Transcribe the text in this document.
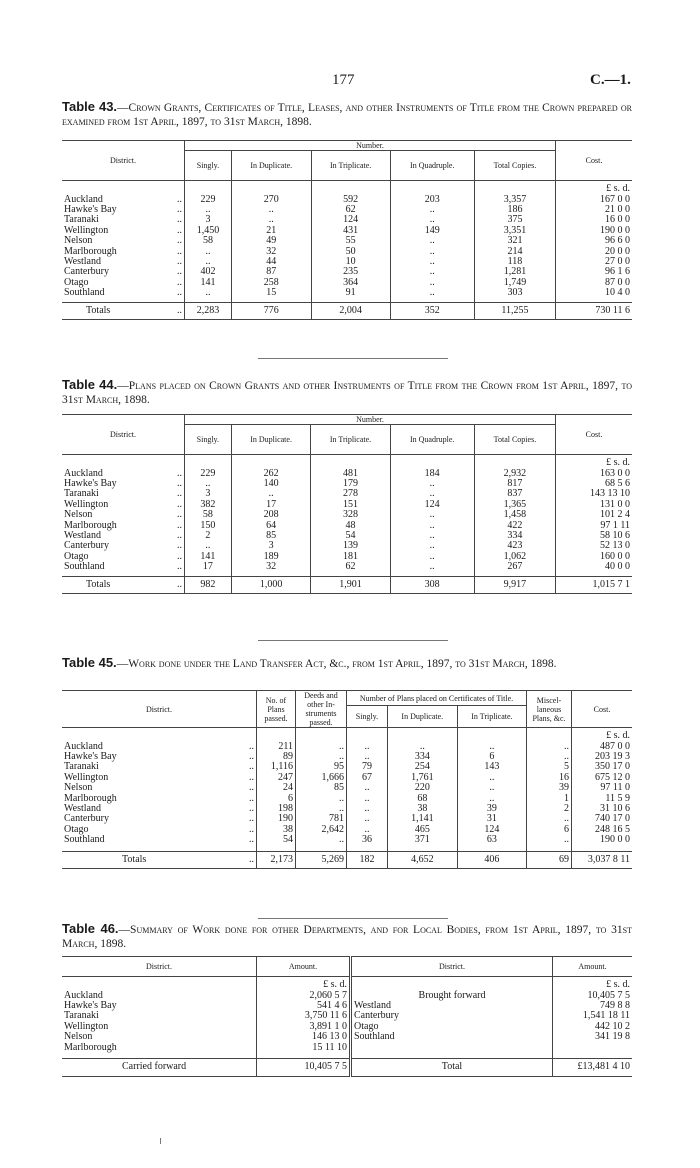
177	C.—1.
Table 43.—Crown Grants, Certificates of Title, Leases, and other Instruments of Title from the Crown prepared or examined from 1st April, 1897, to 31st March, 1898.
District.	Number.					Cost.
	Singly.	In Duplicate.	In Triplicate.	In Quadruple.	Total Copies.	
						£ s. d.
Auckland ..	229	270	592	203	3,357	167 0 0
Hawke's Bay ..	..	..	62	..	186	21 0 0
Taranaki ..	3	..	124	..	375	16 0 0
Wellington ..	1,450	21	431	149	3,351	190 0 0
Nelson ..	58	49	55	..	321	96 6 0
Marlborough ..	..	32	50	..	214	20 0 0
Westland ..	..	44	10	..	118	27 0 0
Canterbury ..	402	87	235	..	1,281	96 1 6
Otago ..	141	258	364	..	1,749	87 0 0
Southland ..	..	15	91	..	303	10 4 0

Totals ..	2,283	776	2,004	352	11,255	730 11 6
Table 44.—Plans placed on Crown Grants and other Instruments of Title from the Crown from 1st April, 1897, to 31st March, 1898.
District.	Number.					Cost.
	Singly.	In Duplicate.	In Triplicate.	In Quadruple.	Total Copies.	
						£ s. d.
Auckland ..	229	262	481	184	2,932	163 0 0
Hawke's Bay ..	..	140	179	..	817	68 5 6
Taranaki ..	3	..	278	..	837	143 13 10
Wellington ..	382	17	151	124	1,365	131 0 0
Nelson ..	58	208	328	..	1,458	101 2 4
Marlborough ..	150	64	48	..	422	97 1 11
Westland ..	2	85	54	..	334	58 10 6
Canterbury ..	..	3	139	..	423	52 13 0
Otago ..	141	189	181	..	1,062	160 0 0
Southland ..	17	32	62	..	267	40 0 0

Totals ..	982	1,000	1,901	308	9,917	1,015 7 1
Table 45.—Work done under the Land Transfer Act, &c., from 1st April, 1897, to 31st March, 1898.
District.	No. of Plans passed.	Deeds and other In-struments passed.	Number of Plans placed on Certificates of Title.			Miscel-laneous Plans, &c.	Cost.
			Singly.	In Duplicate.	In Triplicate.		
							£ s. d.
Auckland ..	211	..	..	..	..	..	487 0 0
Hawke's Bay ..	89	..	..	334	6	..	203 19 3
Taranaki ..	1,116	95	79	254	143	5	350 17 0
Wellington ..	247	1,666	67	1,761	..	16	675 12 0
Nelson ..	24	85	..	220	..	39	97 11 0
Marlborough ..	6	..	..	68	..	1	11 5 9
Westland ..	198	..	..	38	39	2	31 10 6
Canterbury ..	190	781	..	1,141	31	..	740 17 0
Otago ..	38	2,642	..	465	124	6	248 16 5
Southland ..	54	..	36	371	63	..	190 0 0

Totals ..	2,173	5,269	182	4,652	406	69	3,037 8 11
Table 46.—Summary of Work done for other Departments, and for Local Bodies, from 1st April, 1897, to 31st March, 1898.
District.	Amount.	District.	Amount.
	£ s. d.		£ s. d.
Auckland	2,060 5 7	Brought forward	10,405 7 5
Hawke's Bay	541 4 6	Westland	749 8 8
Taranaki	3,750 11 6	Canterbury	1,541 18 11
Wellington	3,891 1 0	Otago	442 10 2
Nelson	146 13 0	Southland	341 19 8
Marlborough	15 11 10		

Carried forward	10,405 7 5	Total	£13,481 4 10
